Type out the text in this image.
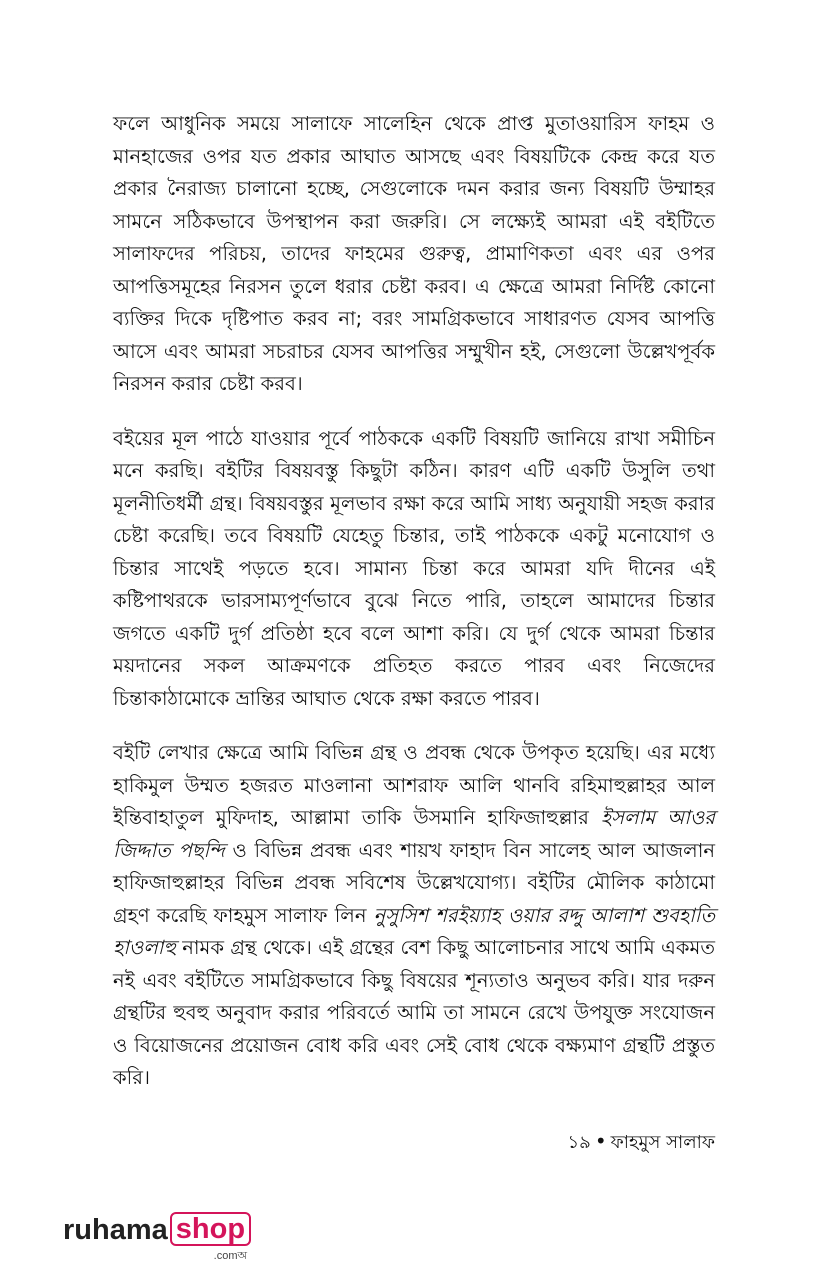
ফলে আধুনিক সময়ে সালাফে সালেহিন থেকে প্রাপ্ত মুতাওয়ারিস ফাহম ও মানহাজের ওপর যত প্রকার আঘাত আসছে এবং বিষয়টিকে কেন্দ্র করে যত প্রকার নৈরাজ্য চালানো হচ্ছে, সেগুলোকে দমন করার জন্য বিষয়টি উম্মাহর সামনে সঠিকভাবে উপস্থাপন করা জরুরি। সে লক্ষ্যেই আমরা এই বইটিতে সালাফদের পরিচয়, তাদের ফাহমের গুরুত্ব, প্রামাণিকতা এবং এর ওপর আপত্তিসমূহের নিরসন তুলে ধরার চেষ্টা করব। এ ক্ষেত্রে আমরা নির্দিষ্ট কোনো ব্যক্তির দিকে দৃষ্টিপাত করব না; বরং সামগ্রিকভাবে সাধারণত যেসব আপত্তি আসে এবং আমরা সচরাচর যেসব আপত্তির সম্মুখীন হই, সেগুলো উল্লেখপূর্বক নিরসন করার চেষ্টা করব।

বইয়ের মূল পাঠে যাওয়ার পূর্বে পাঠককে একটি বিষয়টি জানিয়ে রাখা সমীচিন মনে করছি। বইটির বিষয়বস্তু কিছুটা কঠিন। কারণ এটি একটি উসুলি তথা মূলনীতিধর্মী গ্রন্থ। বিষয়বস্তুর মূলভাব রক্ষা করে আমি সাধ্য অনুযায়ী সহজ করার চেষ্টা করেছি। তবে বিষয়টি যেহেতু চিন্তার, তাই পাঠককে একটু মনোযোগ ও চিন্তার সাথেই পড়তে হবে। সামান্য চিন্তা করে আমরা যদি দীনের এই কষ্টিপাথরকে ভারসাম্যপূর্ণভাবে বুঝে নিতে পারি, তাহলে আমাদের চিন্তার জগতে একটি দুর্গ প্রতিষ্ঠা হবে বলে আশা করি। যে দুর্গ থেকে আমরা চিন্তার ময়দানের সকল আক্রমণকে প্রতিহত করতে পারব এবং নিজেদের চিন্তাকাঠামোকে ভ্রান্তির আঘাত থেকে রক্ষা করতে পারব।

বইটি লেখার ক্ষেত্রে আমি বিভিন্ন গ্রন্থ ও প্রবন্ধ থেকে উপকৃত হয়েছি। এর মধ্যে হাকিমুল উম্মত হজরত মাওলানা আশরাফ আলি থানবি রহিমাহুল্লাহর আল ইন্তিবাহাতুল মুফিদাহ, আল্লামা তাকি উসমানি হাফিজাহুল্লার ইসলাম আওর জিদ্দাত পছন্দি ও বিভিন্ন প্রবন্ধ এবং শায়খ ফাহাদ বিন সালেহ আল আজলান হাফিজাহুল্লাহর বিভিন্ন প্রবন্ধ সবিশেষ উল্লেখযোগ্য। বইটির মৌলিক কাঠামো গ্রহণ করেছি ফাহমুস সালাফ লিন নুসুসিশ শরইয়্যাহ ওয়ার রদ্দু আলাশ শুবহাতি হাওলাহু নামক গ্রন্থ থেকে। এই গ্রন্থের বেশ কিছু আলোচনার সাথে আমি একমত নই এবং বইটিতে সামগ্রিকভাবে কিছু বিষয়ের শূন্যতাও অনুভব করি। যার দরুন গ্রন্থটির হুবহু অনুবাদ করার পরিবর্তে আমি তা সামনে রেখে উপযুক্ত সংযোজন ও বিয়োজনের প্রয়োজন বোধ করি এবং সেই বোধ থেকে বক্ষ্যমাণ গ্রন্থটি প্রস্তুত করি।

১৯ • ফাহমুস সালাফ
ruhama shop
.comঅ
